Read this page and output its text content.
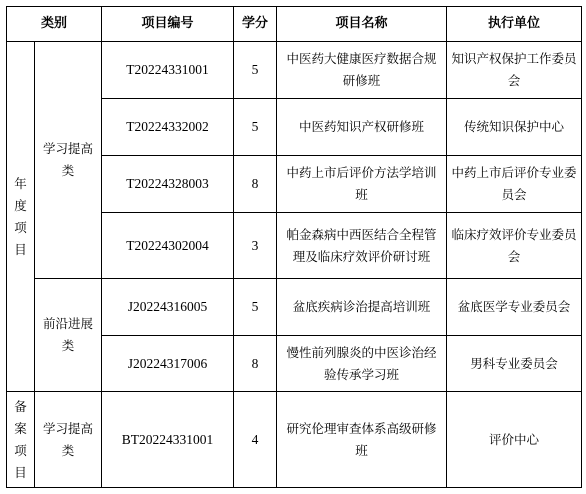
类别		项目编号	学分	项目名称	执行单位

年度项目	学习提高类	T20224331001	5	中医药大健康医疗数据合规研修班	知识产权保护工作委员会
		T20224332002	5	中医药知识产权研修班	传统知识保护中心
		T20224328003	8	中药上市后评价方法学培训班	中药上市后评价专业委员会
		T20224302004	3	帕金森病中西医结合全程管理及临床疗效评价研讨班	临床疗效评价专业委员会
	前沿进展类	J20224316005	5	盆底疾病诊治提高培训班	盆底医学专业委员会
		J20224317006	8	慢性前列腺炎的中医诊治经验传承学习班	男科专业委员会

备案项目	学习提高类	BT20224331001	4	研究伦理审查体系高级研修班	评价中心
